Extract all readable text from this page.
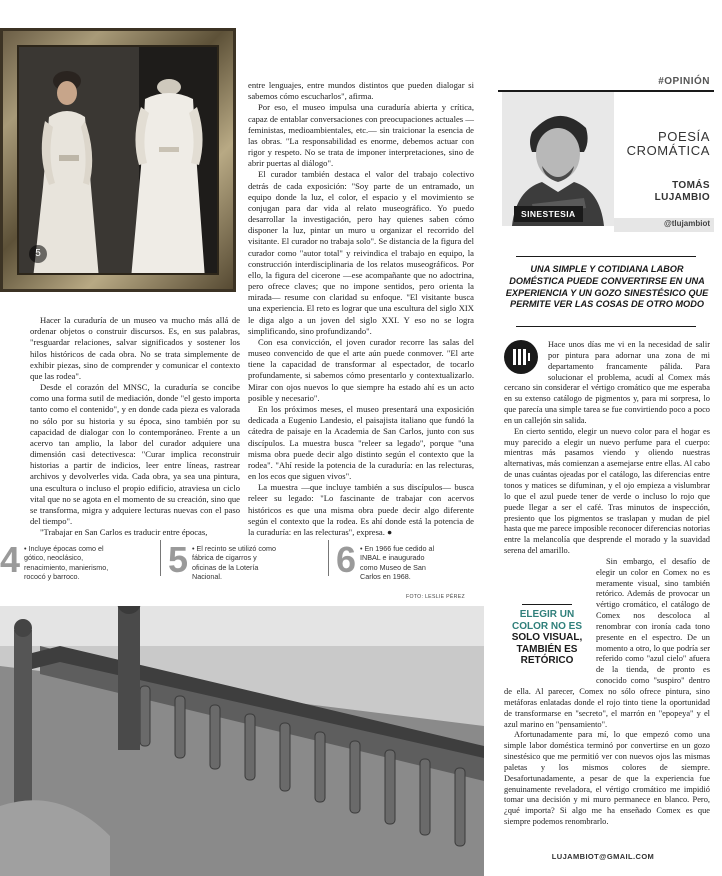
5

entre lenguajes, entre mundos distintos que pueden dialogar si sabemos cómo escucharlos", afirma.

Por eso, el museo impulsa una curaduría abierta y crítica, capaz de entablar conversaciones con preocupaciones actuales —feministas, medioambientales, etc.— sin traicionar la esencia de las obras. "La responsabilidad es enorme, debemos actuar con rigor y respeto. No se trata de imponer interpretaciones, sino de abrir puertas al diálogo".

El curador también destaca el valor del trabajo colectivo detrás de cada exposición: "Soy parte de un entramado, un equipo donde la luz, el color, el espacio y el movimiento se conjugan para dar vida al relato museográfico. Yo puedo desarrollar la investigación, pero hay quienes saben cómo disponer la luz, pintar un muro u organizar el recorrido del visitante. El curador no trabaja solo". Se distancia de la figura del curador como "autor total" y reivindica el trabajo en equipo, la construcción interdisciplinaria de los relatos museográficos. Por ello, la figura del cicerone —ese acompañante que no adoctrina, pero ofrece claves; que no impone sentidos, pero orienta la mirada— resume con claridad su enfoque. "El visitante busca una experiencia. El reto es lograr que una escultura del siglo XIX le diga algo a un joven del siglo XXI. Y eso no se logra simplificando, sino profundizando".

Con esa convicción, el joven curador recorre las salas del museo convencido de que el arte aún puede conmover. "El arte tiene la capacidad de transformar al espectador, de tocarlo profundamente, si sabemos cómo presentarlo y contextualizarlo. Mirar con ojos nuevos lo que siempre ha estado ahí es un acto posible y necesario".

En los próximos meses, el museo presentará una exposición dedicada a Eugenio Landesio, el paisajista italiano que fundó la cátedra de paisaje en la Academia de San Carlos, junto con sus discípulos. La muestra busca "releer sa legado", porque "una misma obra puede decir algo distinto según el contexto que la rodea". "Ahí reside la potencia de la curaduría: en las relecturas, en los ecos que siguen vivos".

La muestra —que incluye también a sus discípulos— busca releer su legado: "Lo fascinante de trabajar con acervos históricos es que una misma obra puede decir algo diferente según el contexto que la rodea. Es ahí donde está la potencia de la curaduría: en las relecturas", expresa. ●

Hacer la curaduría de un museo va mucho más allá de ordenar objetos o construir discursos. Es, en sus palabras, "resguardar relaciones, salvar significados y sostener los hilos históricos de cada obra. No se trata simplemente de exhibir piezas, sino de comprender y comunicar el contexto que las rodea".

Desde el corazón del MNSC, la curaduría se concibe como una forma sutil de mediación, donde "el gesto importa tanto como el contenido", y en donde cada pieza es valorada no sólo por su historia y su época, sino también por su capacidad de dialogar con lo contemporáneo. Frente a un acervo tan amplio, la labor del curador adquiere una dimensión casi detectivesca: "Curar implica reconstruir historias a partir de indicios, leer entre líneas, rastrear archivos y devolverles vida. Cada obra, ya sea una pintura, una escultura o incluso el propio edificio, atraviesa un ciclo vital que no se agota en el momento de su creación, sino que se transforma, migra y adquiere lecturas nuevas con el paso del tiempo".

"Trabajar en San Carlos es traducir entre épocas,

4 • Incluye épocas como el gótico, neoclásico, renacimiento, manierismo, rococó y barroco.	5 • El recinto se utilizó como fábrica de cigarros y oficinas de la Lotería Nacional.	6 • En 1966 fue cedido al INBAL e inaugurado como Museo de San Carlos en 1968.
FOTO: LESLIE PÉREZ
#OPINIÓN
SINESTESIA
POESÍA
CROMÁTICA
TOMÁS
LUJAMBIO
@tlujambiot
UNA SIMPLE Y COTIDIANA LABOR DOMÉSTICA PUEDE CONVERTIRSE EN UNA EXPERIENCIA Y UN GOZO SINESTÉSICO QUE PERMITE VER LAS COSAS DE OTRO MODO

Hace unos días me vi en la necesidad de salir por pintura para adornar una zona de mi departamento francamente pálida. Para solucionar el problema, acudí al Comex más cercano sin considerar el vértigo cromático que me esperaba en su extenso catálogo de pigmentos y, para mi sorpresa, lo que parecía una simple tarea se fue convirtiendo poco a poco en un callejón sin salida.

En cierto sentido, elegir un nuevo color para el hogar es muy parecido a elegir un nuevo perfume para el cuerpo: mientras más pasamos viendo y oliendo nuestras alternativas, más comienzan a asemejarse entre ellas. Al cabo de unas cuántas ojeadas por el catálogo, las diferencias entre tonos y matices se difuminan, y el ojo empieza a vislumbrar lo que el azul puede tener de verde o incluso lo rojo que puede llegar a ser el café. Tras minutos de inspección, presiento que los pigmentos se traslapan y mudan de piel hasta que me parece imposible reconocer diferencias notorias entre la melancolía que desprende el morado y la suavidad serena del amarillo.

Sin embargo, el desafío de elegir un color en Comex no es meramente visual, sino también retórico. Además de provocar un vértigo cromático, el catálogo de Comex nos descoloca al renombrar con ironía cada tono presente en el espectro. De un momento a otro, lo que podría ser referido como "azul cielo" afuera de la tienda, de pronto es conocido como "suspiro" dentro de ella. Al parecer, Comex no sólo ofrece pintura, sino metáforas enlatadas donde el rojo tinto tiene la oportunidad de transformarse en "secreto", el marrón en "epopeya" y el azul marino en "pensamiento".

Afortunadamente para mí, lo que empezó como una simple labor doméstica terminó por convertirse en un gozo sinestésico que me permitió ver con nuevos ojos las mismas paletas y los mismos colores de siempre. Desafortunadamente, a pesar de que la experiencia fue genuinamente reveladora, el vértigo cromático me impidió tomar una decisión y mi muro permanece en blanco. Pero, ¿qué importa? Si algo me ha enseñado Comex es que siempre podemos renombrarlo.

ELEGIR UN
COLOR NO ES
SOLO VISUAL,
TAMBIÉN ES RETÓRICO
LUJAMBIOT@GMAIL.COM
